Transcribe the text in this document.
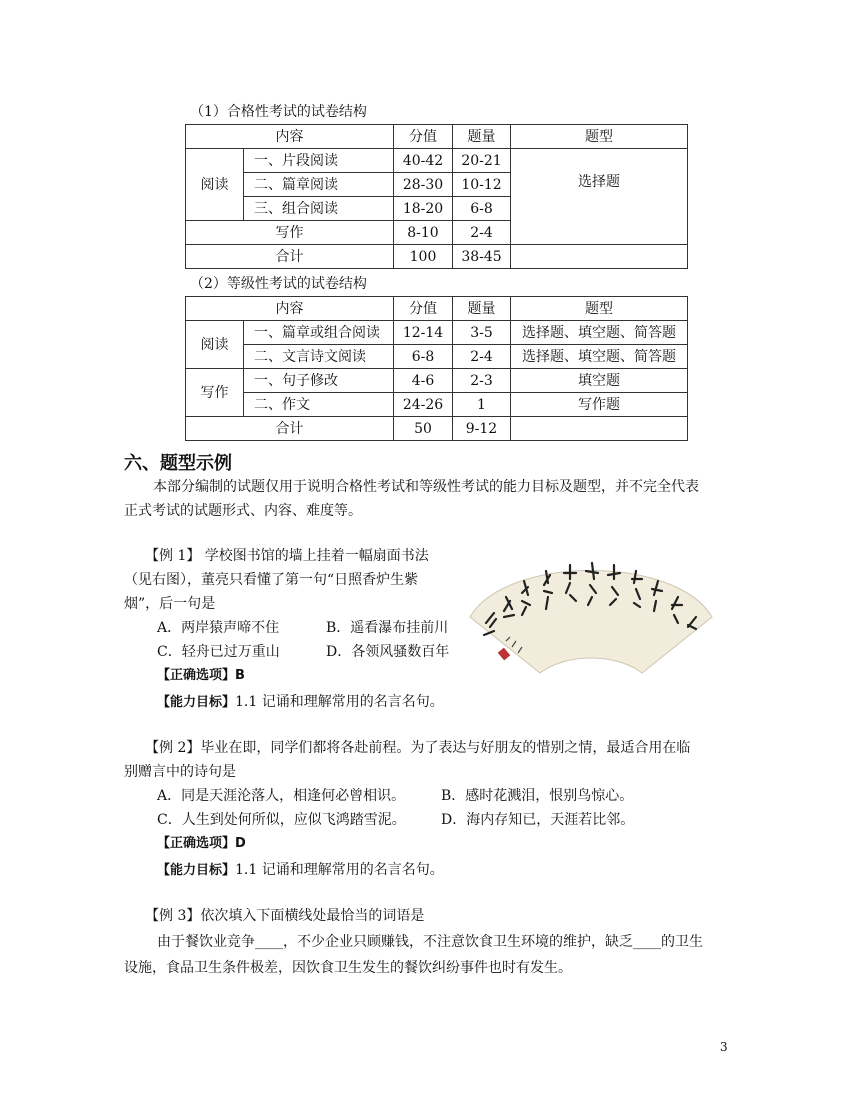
（1）合格性考试的试卷结构
内容		分值	题量	题型
阅读	一、片段阅读	40-42	20-21	选择题
	二、篇章阅读	28-30	10-12	
	三、组合阅读	18-20	6-8	
写作		8-10	2-4	
合计		100	38-45	
（2）等级性考试的试卷结构
内容		分值	题量	题型
阅读	一、篇章或组合阅读	12-14	3-5	选择题、填空题、简答题
	二、文言诗文阅读	6-8	2-4	选择题、填空题、简答题
写作	一、句子修改	4-6	2-3	填空题
	二、作文	24-26	1	写作题
合计		50	9-12	
六、题型示例
本部分编制的试题仅用于说明合格性考试和等级性考试的能力目标及题型，并不完全代表
正式考试的试题形式、内容、难度等。
【例 1】 学校图书馆的墙上挂着一幅扇面书法
（见右图），董亮只看懂了第一句“日照香炉生紫
烟”，后一句是
A．两岸猿声啼不住	B．遥看瀑布挂前川
C．轻舟已过万重山	D．各领风骚数百年
【正确选项】B
【能力目标】1.1 记诵和理解常用的名言名句。
【例 2】毕业在即，同学们都将各赴前程。为了表达与好朋友的惜别之情，最适合用在临
别赠言中的诗句是
A．同是天涯沦落人，相逢何必曾相识。	B．感时花溅泪，恨别鸟惊心。
C．人生到处何所似，应似飞鸿踏雪泥。	D．海内存知已，天涯若比邻。
【正确选项】D
【能力目标】1.1 记诵和理解常用的名言名句。
【例 3】依次填入下面横线处最恰当的词语是
由于餐饮业竞争____，不少企业只顾赚钱，不注意饮食卫生环境的维护，缺乏____的卫生
设施，食品卫生条件极差，因饮食卫生发生的餐饮纠纷事件也时有发生。
3
